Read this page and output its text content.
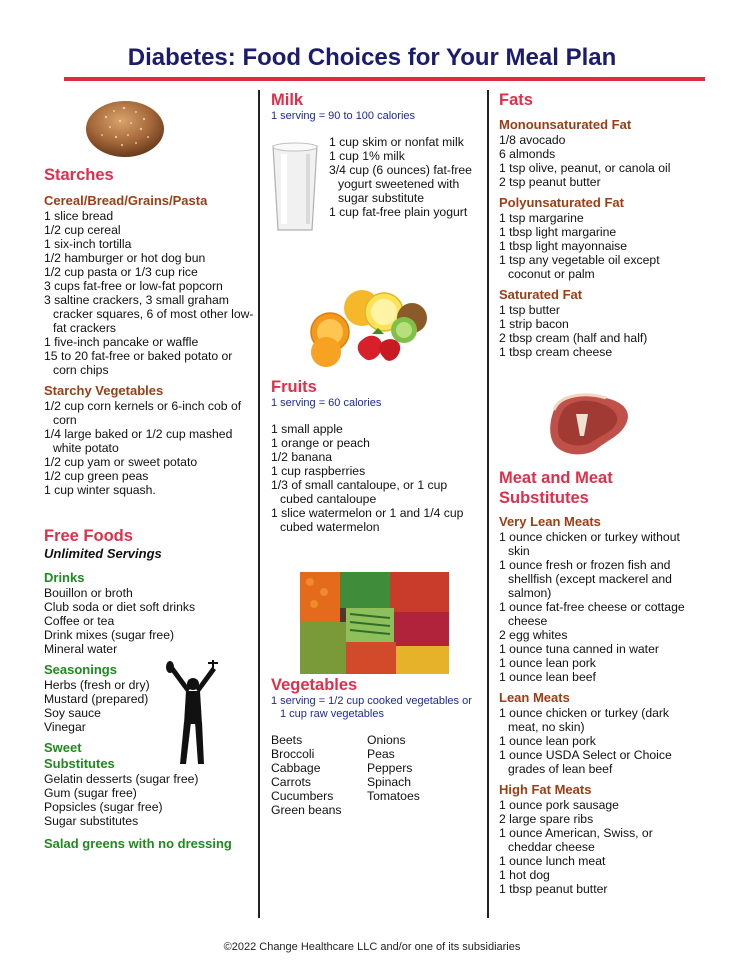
Diabetes: Food Choices for Your Meal Plan
Starches
Cereal/Bread/Grains/Pasta
1 slice bread
1/2 cup cereal
1 six-inch tortilla
1/2 hamburger or hot dog bun
1/2 cup pasta or 1/3 cup rice
3 cups fat-free or low-fat popcorn
3 saltine crackers, 3 small graham cracker squares, 6 of most other low-fat crackers
1 five-inch pancake or waffle
15 to 20 fat-free or baked potato or corn chips
Starchy Vegetables
1/2 cup corn kernels or 6-inch cob of corn
1/4 large baked or 1/2 cup mashed white potato
1/2 cup yam or sweet potato
1/2 cup green peas
1 cup winter squash.
Free Foods
Unlimited Servings
Drinks
Bouillon or broth
Club soda or diet soft drinks
Coffee or tea
Drink mixes (sugar free)
Mineral water
Seasonings
Herbs (fresh or dry)
Mustard (prepared)
Soy sauce
Vinegar
Sweet
Substitutes
Gelatin desserts (sugar free)
Gum (sugar free)
Popsicles (sugar free)
Sugar substitutes
Salad greens with no dressing
Milk
1 serving = 90 to 100 calories
1 cup skim or nonfat milk
1 cup 1% milk
3/4 cup (6 ounces) fat-free yogurt sweetened with sugar substitute
1 cup fat-free plain yogurt
Fruits
1 serving = 60 calories
1 small apple
1 orange or peach
1/2 banana
1 cup raspberries
1/3 of small cantaloupe, or 1 cup cubed cantaloupe
1 slice watermelon or 1 and 1/4 cup cubed watermelon
Vegetables
1 serving = 1/2 cup cooked vegetables or 1 cup raw vegetables
Beets
Broccoli
Cabbage
Carrots
Cucumbers
Green beans
Onions
Peas
Peppers
Spinach
Tomatoes
Fats
Monounsaturated Fat
1/8 avocado
6 almonds
1 tsp olive, peanut, or canola oil
2 tsp peanut butter
Polyunsaturated Fat
1 tsp margarine
1 tbsp light margarine
1 tbsp light mayonnaise
1 tsp any vegetable oil except coconut or palm
Saturated Fat
1 tsp butter
1 strip bacon
2 tbsp cream (half and half)
1 tbsp cream cheese
Meat and Meat
Substitutes
Very Lean Meats
1 ounce chicken or turkey without skin
1 ounce fresh or frozen fish and shellfish (except mackerel and salmon)
1 ounce fat-free cheese or cottage cheese
2 egg whites
1 ounce tuna canned in water
1 ounce lean pork
1 ounce lean beef
Lean Meats
1 ounce chicken or turkey (dark meat, no skin)
1 ounce lean pork
1 ounce USDA Select or Choice grades of lean beef
High Fat Meats
1 ounce pork sausage
2 large spare ribs
1 ounce American, Swiss, or cheddar cheese
1 ounce lunch meat
1 hot dog
1 tbsp peanut butter
©2022 Change Healthcare LLC and/or one of its subsidiaries
